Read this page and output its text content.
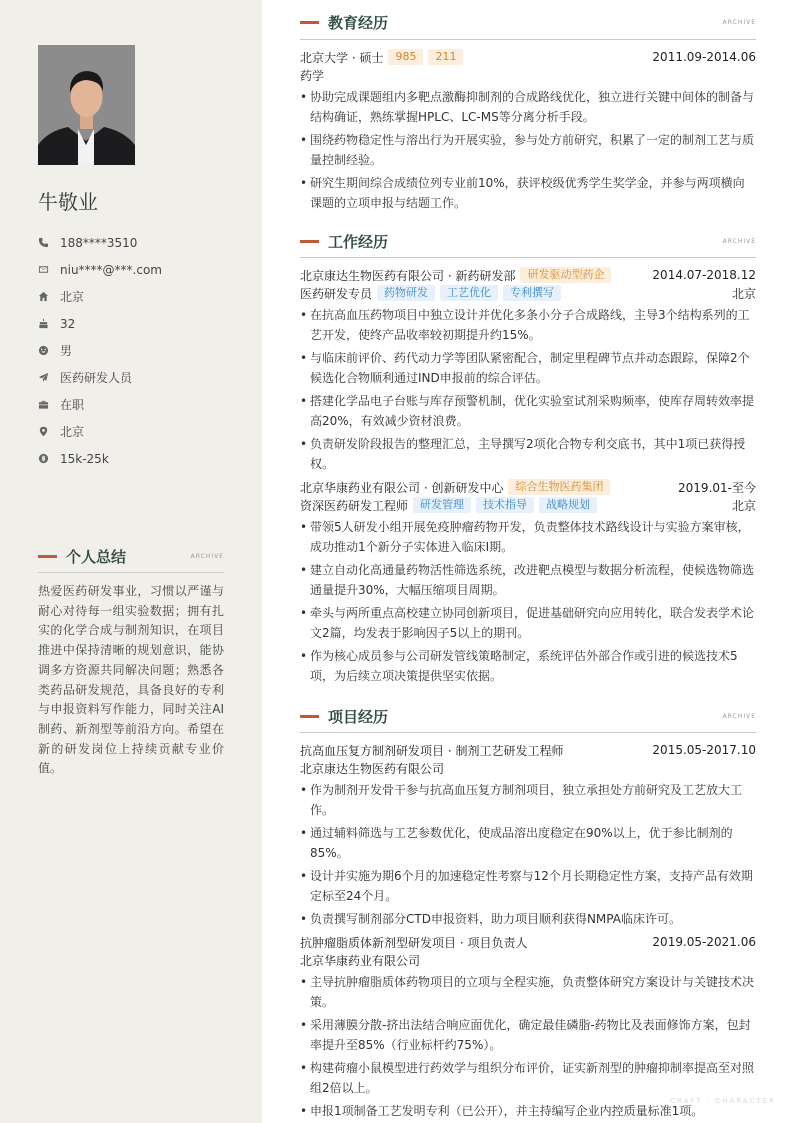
牛敬业
188****3510
niu****@***.com
北京
32
男
医药研发人员
在职
北京
15k-25k
个人总结	ARCHIVE
热爱医药研发事业，习惯以严谨与耐心对待每一组实验数据；拥有扎实的化学合成与制剂知识，在项目推进中保持清晰的规划意识，能协调多方资源共同解决问题；熟悉各类药品研发规范，具备良好的专利与申报资料写作能力，同时关注AI制药、新剂型等前沿方向。希望在新的研发岗位上持续贡献专业价值。
教育经历	ARCHIVE
北京大学 · 硕士	985	211	2011.09-2014.06
药学
• 协助完成课题组内多靶点激酶抑制剂的合成路线优化，独立进行关键中间体的制备与结构确证，熟练掌握HPLC、LC-MS等分离分析手段。
• 围绕药物稳定性与溶出行为开展实验，参与处方前研究，积累了一定的制剂工艺与质量控制经验。
• 研究生期间综合成绩位列专业前10%，获评校级优秀学生奖学金，并参与两项横向课题的立项申报与结题工作。
工作经历	ARCHIVE
北京康达生物医药有限公司 · 新药研发部	研发驱动型药企	2014.07-2018.12
医药研发专员	药物研发	工艺优化	专利撰写	北京
• 在抗高血压药物项目中独立设计并优化多条小分子合成路线，主导3个结构系列的工艺开发，使终产品收率较初期提升约15%。
• 与临床前评价、药代动力学等团队紧密配合，制定里程碑节点并动态跟踪，保障2个候选化合物顺利通过IND申报前的综合评估。
• 搭建化学品电子台账与库存预警机制，优化实验室试剂采购频率，使库存周转效率提高20%，有效减少资材浪费。
• 负责研发阶段报告的整理汇总，主导撰写2项化合物专利交底书，其中1项已获得授权。
北京华康药业有限公司 · 创新研发中心	综合生物医药集团	2019.01-至今
资深医药研发工程师	研发管理	技术指导	战略规划	北京
• 带领5人研发小组开展免疫肿瘤药物开发，负责整体技术路线设计与实验方案审核，成功推动1个新分子实体进入临床I期。
• 建立自动化高通量药物活性筛选系统，改进靶点模型与数据分析流程，使候选物筛选通量提升30%，大幅压缩项目周期。
• 牵头与两所重点高校建立协同创新项目，促进基础研究向应用转化，联合发表学术论文2篇，均发表于影响因子5以上的期刊。
• 作为核心成员参与公司研发管线策略制定，系统评估外部合作或引进的候选技术5项，为后续立项决策提供坚实依据。
项目经历	ARCHIVE
抗高血压复方制剂研发项目 · 制剂工艺研发工程师	2015.05-2017.10
北京康达生物医药有限公司
• 作为制剂开发骨干参与抗高血压复方制剂项目，独立承担处方前研究及工艺放大工作。
• 通过辅料筛选与工艺参数优化，使成品溶出度稳定在90%以上，优于参比制剂的85%。
• 设计并实施为期6个月的加速稳定性考察与12个月长期稳定性方案，支持产品有效期定标至24个月。
• 负责撰写制剂部分CTD申报资料，助力项目顺利获得NMPA临床许可。
抗肿瘤脂质体新剂型研发项目 · 项目负责人	2019.05-2021.06
北京华康药业有限公司
• 主导抗肿瘤脂质体药物项目的立项与全程实施，负责整体研究方案设计与关键技术决策。
• 采用薄膜分散-挤出法结合响应面优化，确定最佳磷脂-药物比及表面修饰方案，包封率提升至85%（行业标杆约75%）。
• 构建荷瘤小鼠模型进行药效学与组织分布评价，证实新剂型的肿瘤抑制率提高至对照组2倍以上。
• 申报1项制备工艺发明专利（已公开），并主持编写企业内控质量标准1项。
CRAFT · CHARACTER
